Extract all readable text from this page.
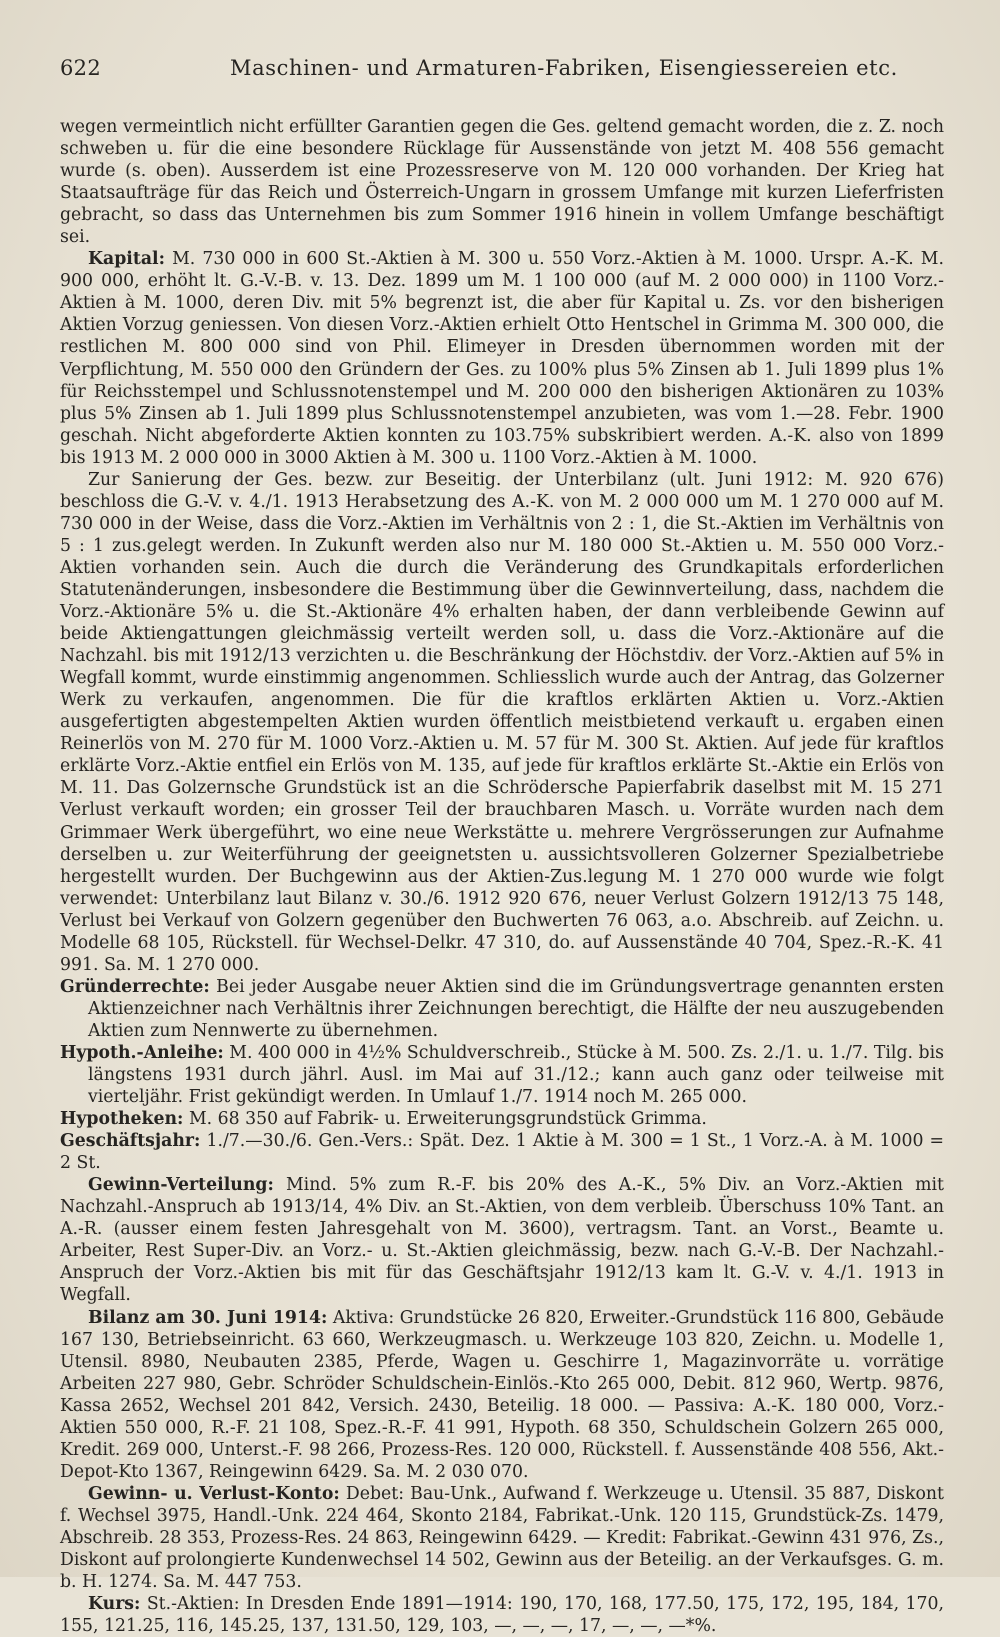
622	Maschinen- und Armaturen-Fabriken, Eisengiessereien etc.

wegen vermeintlich nicht erfüllter Garantien gegen die Ges. geltend gemacht worden, die z. Z. noch schweben u. für die eine besondere Rücklage für Aussenstände von jetzt M. 408 556 gemacht wurde (s. oben). Ausserdem ist eine Prozessreserve von M. 120 000 vorhanden. Der Krieg hat Staatsaufträge für das Reich und Österreich-Ungarn in grossem Umfange mit kurzen Lieferfristen gebracht, so dass das Unternehmen bis zum Sommer 1916 hinein in vollem Umfange beschäftigt sei.

Kapital: M. 730 000 in 600 St.-Aktien à M. 300 u. 550 Vorz.-Aktien à M. 1000. Urspr. A.-K. M. 900 000, erhöht lt. G.-V.-B. v. 13. Dez. 1899 um M. 1 100 000 (auf M. 2 000 000) in 1100 Vorz.-Aktien à M. 1000, deren Div. mit 5% begrenzt ist, die aber für Kapital u. Zs. vor den bisherigen Aktien Vorzug geniessen. Von diesen Vorz.-Aktien erhielt Otto Hentschel in Grimma M. 300 000, die restlichen M. 800 000 sind von Phil. Elimeyer in Dresden übernommen worden mit der Verpflichtung, M. 550 000 den Gründern der Ges. zu 100% plus 5% Zinsen ab 1. Juli 1899 plus 1% für Reichsstempel und Schlussnotenstempel und M. 200 000 den bisherigen Aktionären zu 103% plus 5% Zinsen ab 1. Juli 1899 plus Schlussnotenstempel anzubieten, was vom 1.—28. Febr. 1900 geschah. Nicht abgeforderte Aktien konnten zu 103.75% subskribiert werden. A.-K. also von 1899 bis 1913 M. 2 000 000 in 3000 Aktien à M. 300 u. 1100 Vorz.-Aktien à M. 1000.

Zur Sanierung der Ges. bezw. zur Beseitig. der Unterbilanz (ult. Juni 1912: M. 920 676) beschloss die G.-V. v. 4./1. 1913 Herabsetzung des A.-K. von M. 2 000 000 um M. 1 270 000 auf M. 730 000 in der Weise, dass die Vorz.-Aktien im Verhältnis von 2 : 1, die St.-Aktien im Verhältnis von 5 : 1 zus.gelegt werden. In Zukunft werden also nur M. 180 000 St.-Aktien u. M. 550 000 Vorz.-Aktien vorhanden sein. Auch die durch die Veränderung des Grundkapitals erforderlichen Statutenänderungen, insbesondere die Bestimmung über die Gewinnverteilung, dass, nachdem die Vorz.-Aktionäre 5% u. die St.-Aktionäre 4% erhalten haben, der dann verbleibende Gewinn auf beide Aktiengattungen gleichmässig verteilt werden soll, u. dass die Vorz.-Aktionäre auf die Nachzahl. bis mit 1912/13 verzichten u. die Beschränkung der Höchstdiv. der Vorz.-Aktien auf 5% in Wegfall kommt, wurde einstimmig angenommen. Schliesslich wurde auch der Antrag, das Golzerner Werk zu verkaufen, angenommen. Die für die kraftlos erklärten Aktien u. Vorz.-Aktien ausgefertigten abgestempelten Aktien wurden öffentlich meistbietend verkauft u. ergaben einen Reinerlös von M. 270 für M. 1000 Vorz.-Aktien u. M. 57 für M. 300 St. Aktien. Auf jede für kraftlos erklärte Vorz.-Aktie entfiel ein Erlös von M. 135, auf jede für kraftlos erklärte St.-Aktie ein Erlös von M. 11. Das Golzernsche Grundstück ist an die Schrödersche Papierfabrik daselbst mit M. 15 271 Verlust verkauft worden; ein grosser Teil der brauchbaren Masch. u. Vorräte wurden nach dem Grimmaer Werk übergeführt, wo eine neue Werkstätte u. mehrere Vergrösserungen zur Aufnahme derselben u. zur Weiterführung der geeignetsten u. aussichtsvolleren Golzerner Spezialbetriebe hergestellt wurden. Der Buchgewinn aus der Aktien-Zus.legung M. 1 270 000 wurde wie folgt verwendet: Unterbilanz laut Bilanz v. 30./6. 1912 920 676, neuer Verlust Golzern 1912/13 75 148, Verlust bei Verkauf von Golzern gegenüber den Buchwerten 76 063, a.o. Abschreib. auf Zeichn. u. Modelle 68 105, Rückstell. für Wechsel-Delkr. 47 310, do. auf Aussenstände 40 704, Spez.-R.-K. 41 991. Sa. M. 1 270 000.

Gründerrechte: Bei jeder Ausgabe neuer Aktien sind die im Gründungsvertrage genannten ersten Aktienzeichner nach Verhältnis ihrer Zeichnungen berechtigt, die Hälfte der neu auszugebenden Aktien zum Nennwerte zu übernehmen.

Hypoth.-Anleihe: M. 400 000 in 4½% Schuldverschreib., Stücke à M. 500. Zs. 2./1. u. 1./7. Tilg. bis längstens 1931 durch jährl. Ausl. im Mai auf 31./12.; kann auch ganz oder teilweise mit vierteljähr. Frist gekündigt werden. In Umlauf 1./7. 1914 noch M. 265 000.

Hypotheken: M. 68 350 auf Fabrik- u. Erweiterungsgrundstück Grimma.

Geschäftsjahr: 1./7.—30./6. Gen.-Vers.: Spät. Dez. 1 Aktie à M. 300 = 1 St., 1 Vorz.-A. à M. 1000 = 2 St.

Gewinn-Verteilung: Mind. 5% zum R.-F. bis 20% des A.-K., 5% Div. an Vorz.-Aktien mit Nachzahl.-Anspruch ab 1913/14, 4% Div. an St.-Aktien, von dem verbleib. Überschuss 10% Tant. an A.-R. (ausser einem festen Jahresgehalt von M. 3600), vertragsm. Tant. an Vorst., Beamte u. Arbeiter, Rest Super-Div. an Vorz.- u. St.-Aktien gleichmässig, bezw. nach G.-V.-B. Der Nachzahl.-Anspruch der Vorz.-Aktien bis mit für das Geschäftsjahr 1912/13 kam lt. G.-V. v. 4./1. 1913 in Wegfall.

Bilanz am 30. Juni 1914: Aktiva: Grundstücke 26 820, Erweiter.-Grundstück 116 800, Gebäude 167 130, Betriebseinricht. 63 660, Werkzeugmasch. u. Werkzeuge 103 820, Zeichn. u. Modelle 1, Utensil. 8980, Neubauten 2385, Pferde, Wagen u. Geschirre 1, Magazinvorräte u. vorrätige Arbeiten 227 980, Gebr. Schröder Schuldschein-Einlös.-Kto 265 000, Debit. 812 960, Wertp. 9876, Kassa 2652, Wechsel 201 842, Versich. 2430, Beteilig. 18 000. — Passiva: A.-K. 180 000, Vorz.-Aktien 550 000, R.-F. 21 108, Spez.-R.-F. 41 991, Hypoth. 68 350, Schuldschein Golzern 265 000, Kredit. 269 000, Unterst.-F. 98 266, Prozess-Res. 120 000, Rückstell. f. Aussenstände 408 556, Akt.-Depot-Kto 1367, Reingewinn 6429. Sa. M. 2 030 070.

Gewinn- u. Verlust-Konto: Debet: Bau-Unk., Aufwand f. Werkzeuge u. Utensil. 35 887, Diskont f. Wechsel 3975, Handl.-Unk. 224 464, Skonto 2184, Fabrikat.-Unk. 120 115, Grundstück-Zs. 1479, Abschreib. 28 353, Prozess-Res. 24 863, Reingewinn 6429. — Kredit: Fabrikat.-Gewinn 431 976, Zs., Diskont auf prolongierte Kundenwechsel 14 502, Gewinn aus der Beteilig. an der Verkaufsges. G. m. b. H. 1274. Sa. M. 447 753.

Kurs: St.-Aktien: In Dresden Ende 1891—1914: 190, 170, 168, 177.50, 175, 172, 195, 184, 170, 155, 121.25, 116, 145.25, 137, 131.50, 129, 103, —, —, —, 17, —, —, —*%.
